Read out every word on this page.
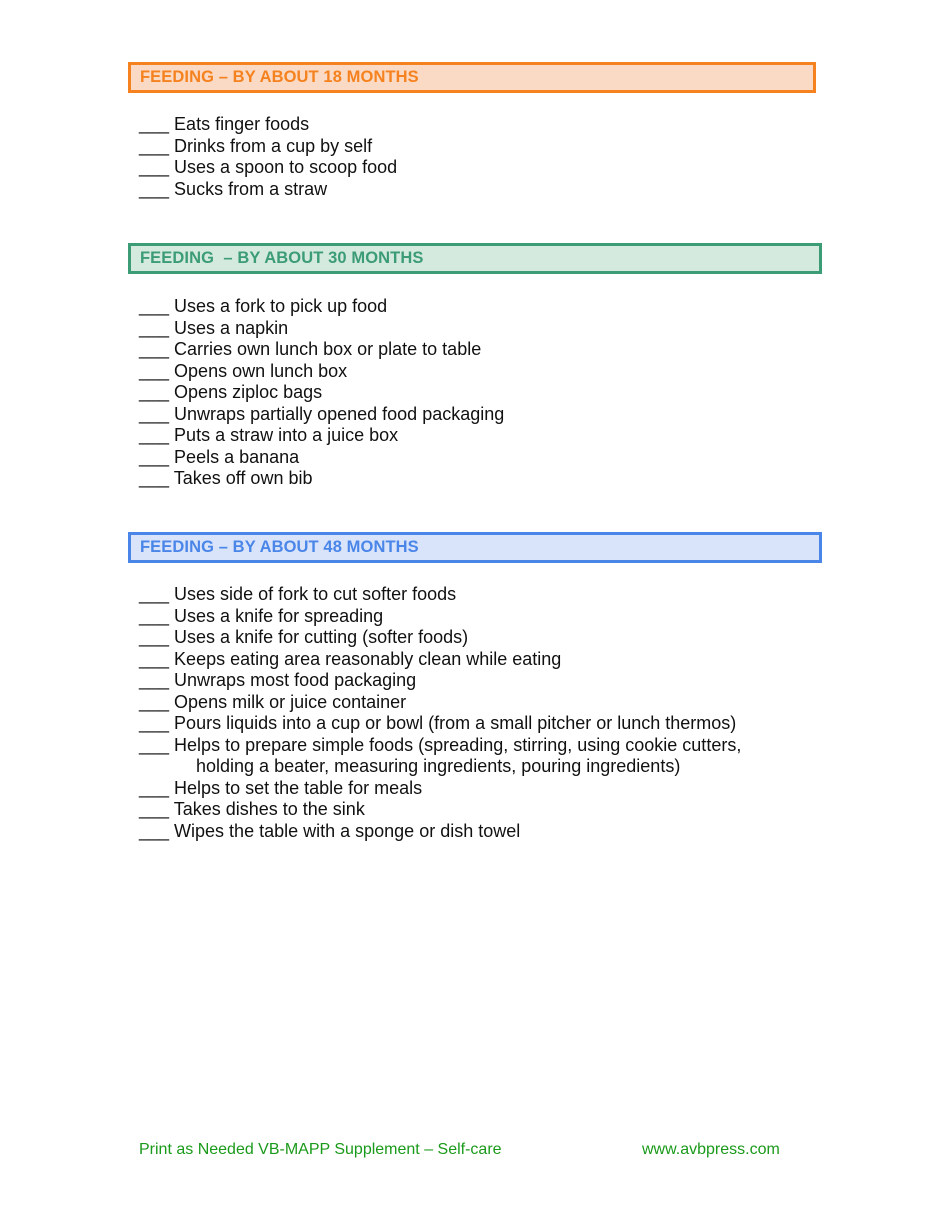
FEEDING – BY ABOUT 18 MONTHS
___ Eats finger foods
___ Drinks from a cup by self
___ Uses a spoon to scoop food
___ Sucks from a straw
FEEDING  – BY ABOUT 30 MONTHS
___ Uses a fork to pick up food
___ Uses a napkin
___ Carries own lunch box or plate to table
___ Opens own lunch box
___ Opens ziploc bags
___ Unwraps partially opened food packaging
___ Puts a straw into a juice box
___ Peels a banana
___ Takes off own bib
FEEDING – BY ABOUT 48 MONTHS
___ Uses side of fork to cut softer foods
___ Uses a knife for spreading
___ Uses a knife for cutting (softer foods)
___ Keeps eating area reasonably clean while eating
___ Unwraps most food packaging
___ Opens milk or juice container
___ Pours liquids into a cup or bowl (from a small pitcher or lunch thermos)
___ Helps to prepare simple foods (spreading, stirring, using cookie cutters,
holding a beater, measuring ingredients, pouring ingredients)
___ Helps to set the table for meals
___ Takes dishes to the sink
___ Wipes the table with a sponge or dish towel
Print as Needed VB-MAPP Supplement – Self-care	www.avbpress.com
